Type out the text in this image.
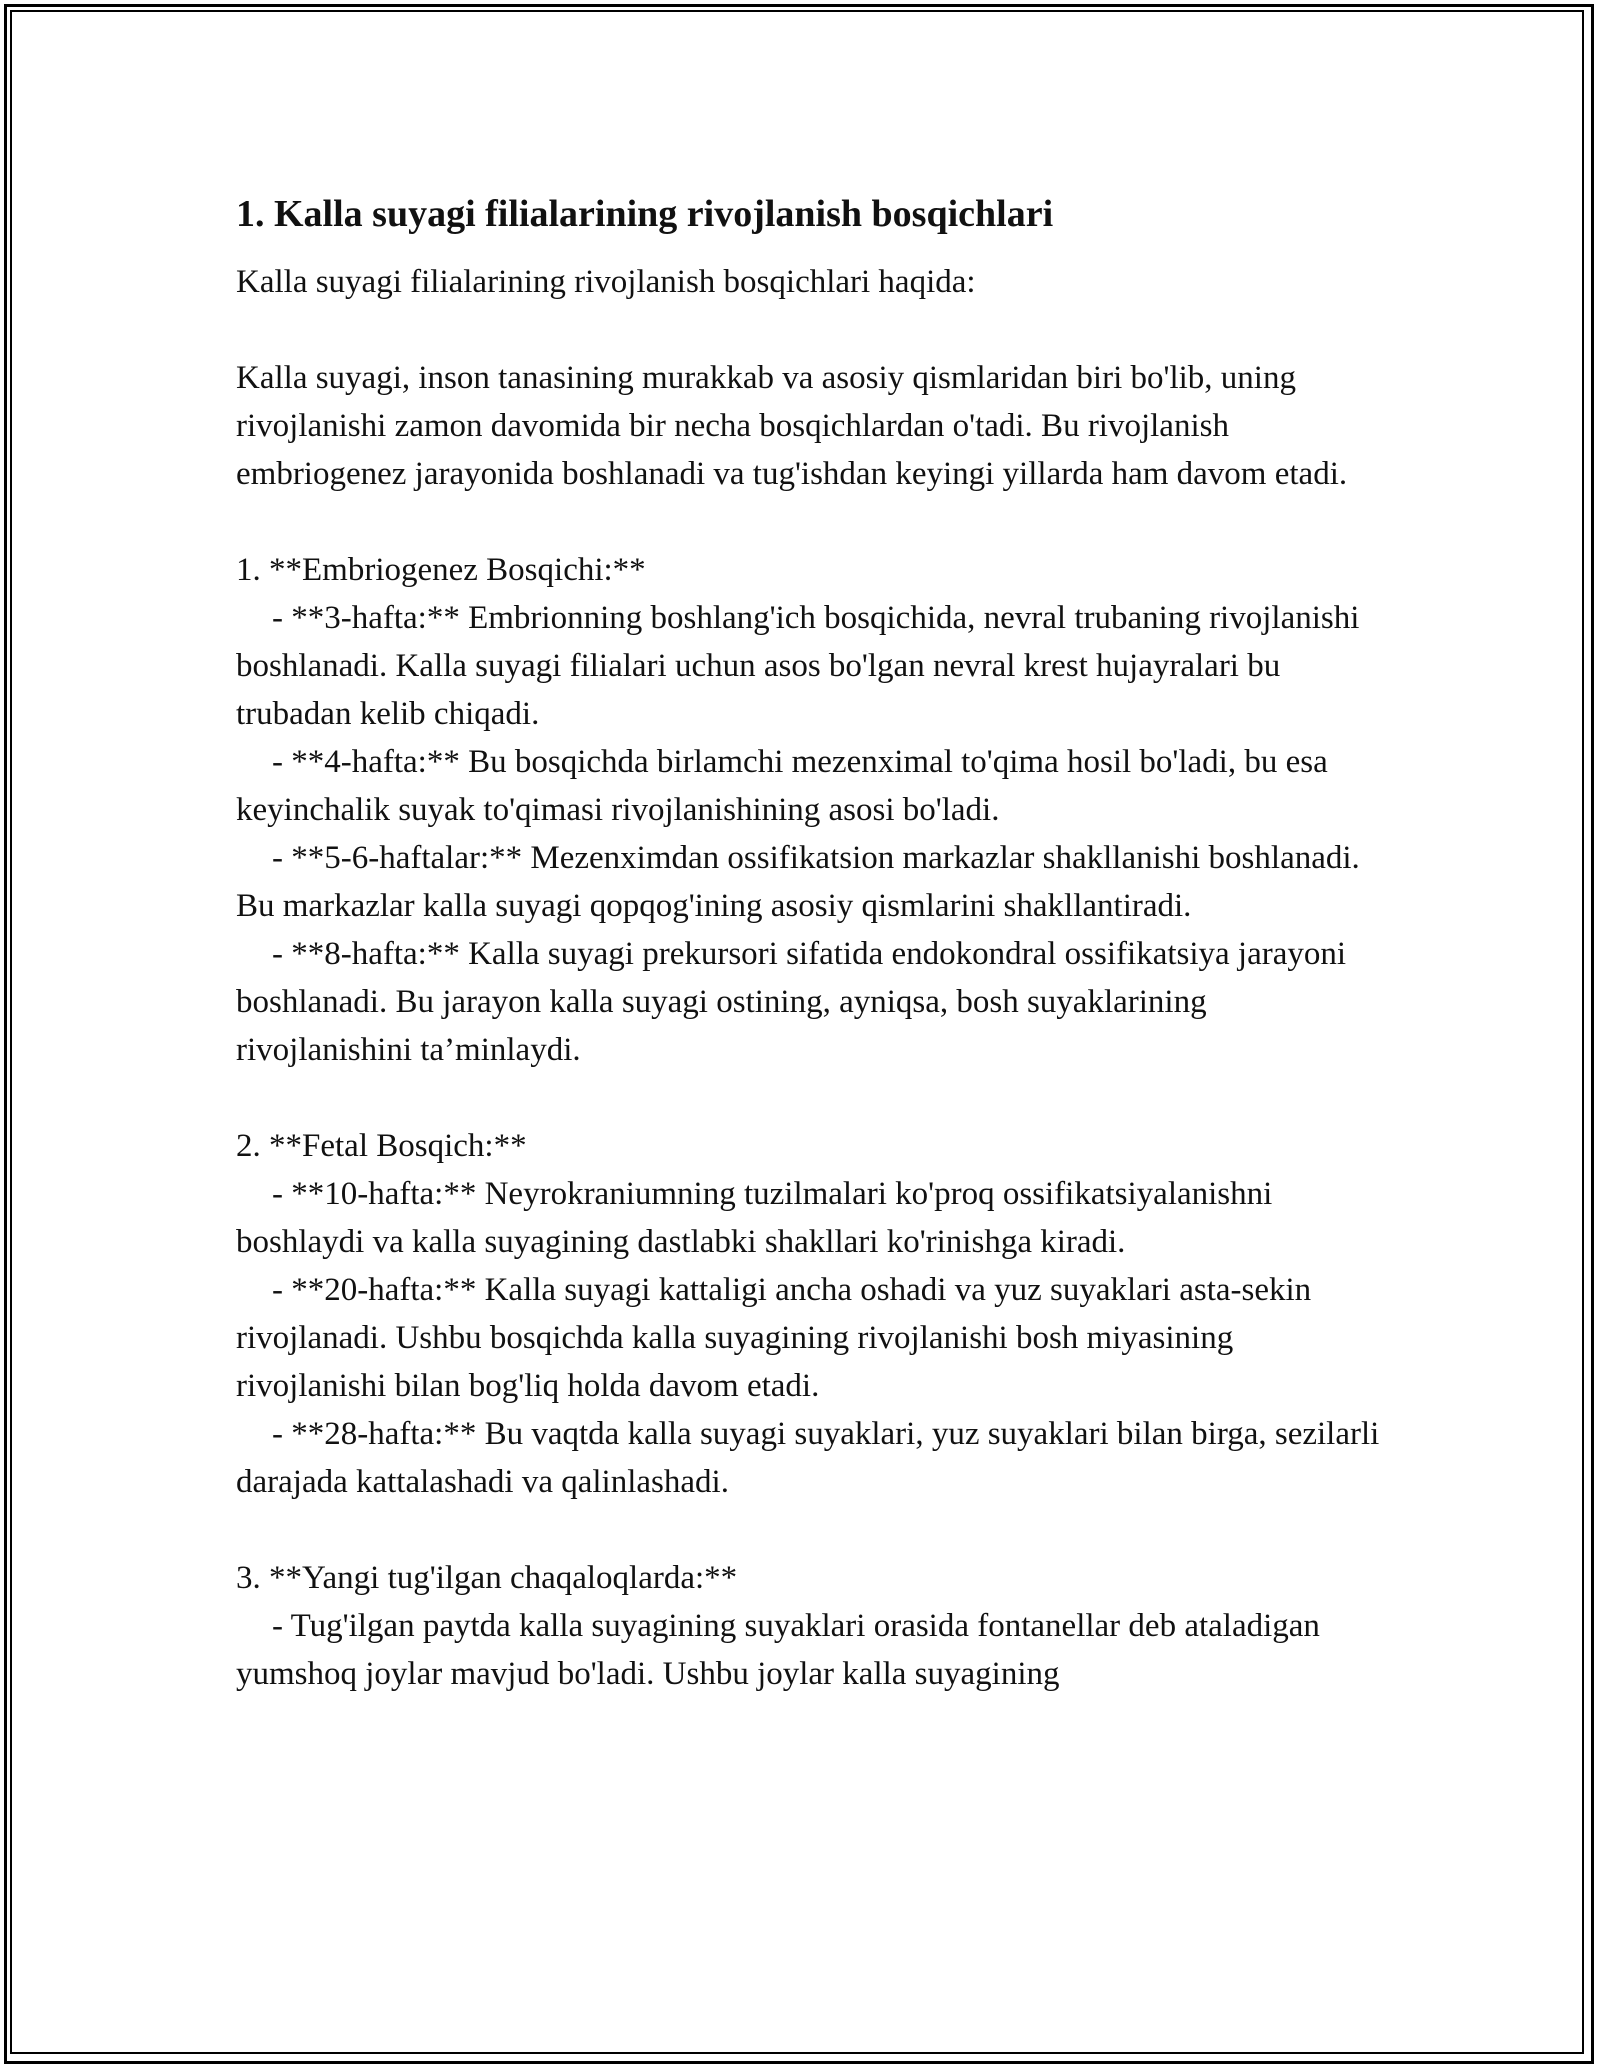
1. Kalla suyagi filialarining rivojlanish bosqichlari

Kalla suyagi filialarining rivojlanish bosqichlari haqida:

Kalla suyagi, inson tanasining murakkab va asosiy qismlaridan biri bo'lib, uning rivojlanishi zamon davomida bir necha bosqichlardan o'tadi. Bu rivojlanish embriogenez jarayonida boshlanadi va tug'ishdan keyingi yillarda ham davom etadi.

1. **Embriogenez Bosqichi:**

- **3-hafta:** Embrionning boshlang'ich bosqichida, nevral trubaning rivojlanishi boshlanadi. Kalla suyagi filialari uchun asos bo'lgan nevral krest hujayralari bu trubadan kelib chiqadi.

- **4-hafta:** Bu bosqichda birlamchi mezenximal to'qima hosil bo'ladi, bu esa keyinchalik suyak to'qimasi rivojlanishining asosi bo'ladi.

- **5-6-haftalar:** Mezenximdan ossifikatsion markazlar shakllanishi boshlanadi. Bu markazlar kalla suyagi qopqog'ining asosiy qismlarini shakllantiradi.

- **8-hafta:** Kalla suyagi prekursori sifatida endokondral ossifikatsiya jarayoni boshlanadi. Bu jarayon kalla suyagi ostining, ayniqsa, bosh suyaklarining rivojlanishini ta’minlaydi.

2. **Fetal Bosqich:**

- **10-hafta:** Neyrokraniumning tuzilmalari ko'proq ossifikatsiyalanishni boshlaydi va kalla suyagining dastlabki shakllari ko'rinishga kiradi.

- **20-hafta:** Kalla suyagi kattaligi ancha oshadi va yuz suyaklari asta-sekin rivojlanadi. Ushbu bosqichda kalla suyagining rivojlanishi bosh miyasining rivojlanishi bilan bog'liq holda davom etadi.

- **28-hafta:** Bu vaqtda kalla suyagi suyaklari, yuz suyaklari bilan birga, sezilarli darajada kattalashadi va qalinlashadi.

3. **Yangi tug'ilgan chaqaloqlarda:**

- Tug'ilgan paytda kalla suyagining suyaklari orasida fontanellar deb ataladigan yumshoq joylar mavjud bo'ladi. Ushbu joylar kalla suyagining
